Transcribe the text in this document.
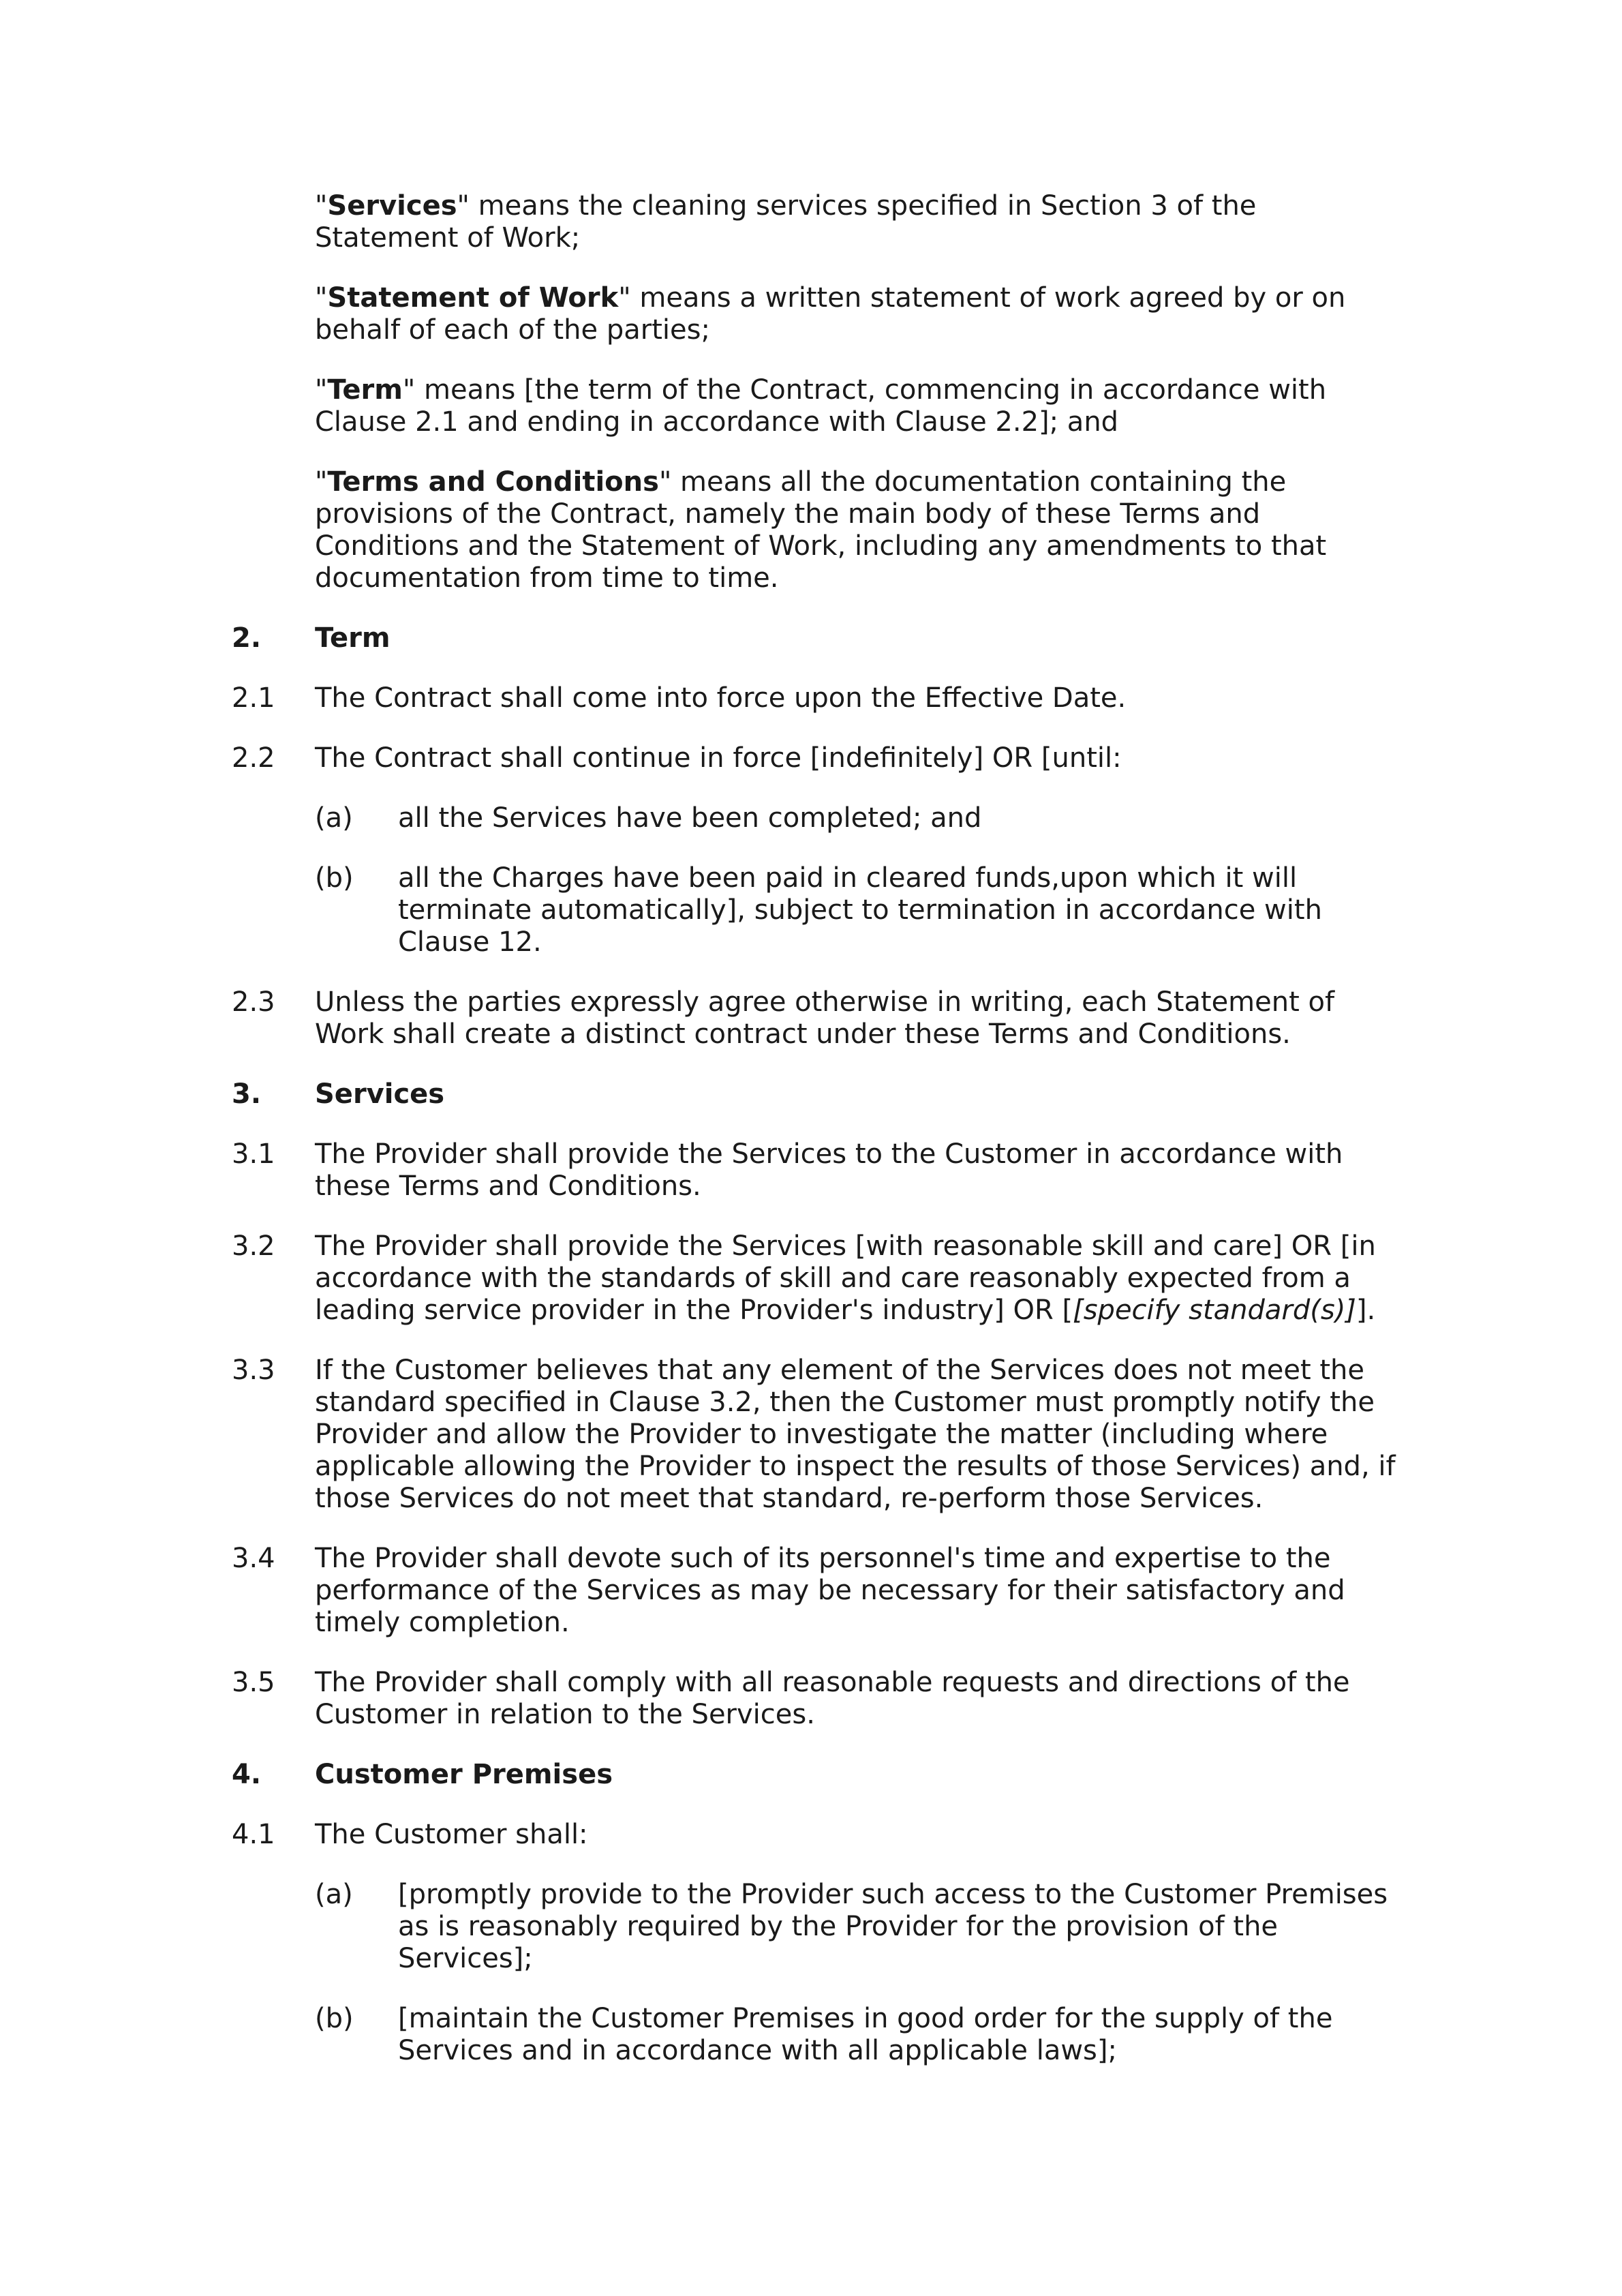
"Services" means the cleaning services specified in Section 3 of the Statement of Work;

"Statement of Work" means a written statement of work agreed by or on behalf of each of the parties;

"Term" means [the term of the Contract, commencing in accordance with Clause 2.1 and ending in accordance with Clause 2.2]; and

"Terms and Conditions" means all the documentation containing the provisions of the Contract, namely the main body of these Terms and Conditions and the Statement of Work, including any amendments to that documentation from time to time.

2.	Term
2.1	The Contract shall come into force upon the Effective Date.
2.2	The Contract shall continue in force [indefinitely] OR [until:
(a)	all the Services have been completed; and
(b)	all the Charges have been paid in cleared funds,upon which it will terminate automatically], subject to termination in accordance with Clause 12.
2.3	Unless the parties expressly agree otherwise in writing, each Statement of Work shall create a distinct contract under these Terms and Conditions.
3.	Services
3.1	The Provider shall provide the Services to the Customer in accordance with these Terms and Conditions.
3.2	The Provider shall provide the Services [with reasonable skill and care] OR [in accordance with the standards of skill and care reasonably expected from a leading service provider in the Provider's industry] OR [[specify standard(s)]].
3.3	If the Customer believes that any element of the Services does not meet the standard specified in Clause 3.2, then the Customer must promptly notify the Provider and allow the Provider to investigate the matter (including where applicable allowing the Provider to inspect the results of those Services) and, if those Services do not meet that standard, re-perform those Services.
3.4	The Provider shall devote such of its personnel's time and expertise to the performance of the Services as may be necessary for their satisfactory and timely completion.
3.5	The Provider shall comply with all reasonable requests and directions of the Customer in relation to the Services.
4.	Customer Premises
4.1	The Customer shall:
(a)	[promptly provide to the Provider such access to the Customer Premises as is reasonably required by the Provider for the provision of the Services];
(b)	[maintain the Customer Premises in good order for the supply of the Services and in accordance with all applicable laws];
